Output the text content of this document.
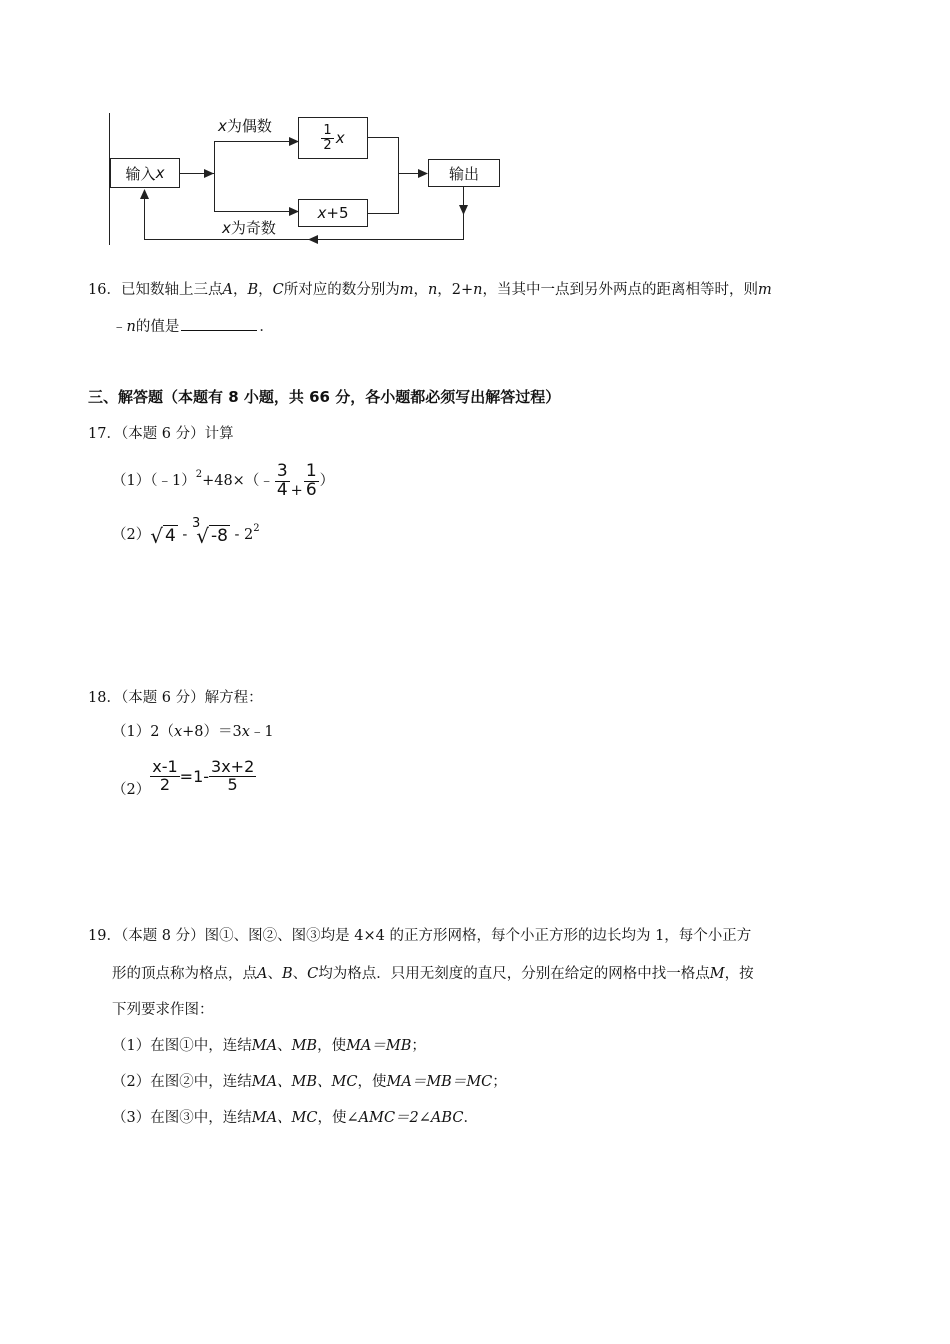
输入 x
x为偶数	$\frac{1}{2}$ x
x为奇数
x +5
输出
16．已知数轴上三点A，B，C所对应的数分别为m，n，2+n，当其中一点到另外两点的距离相等时，则m
﹣n的值是	．
三、解答题（本题有 8 小题，共 66 分，各小题都必须写出解答过程）
17．（本题 6 分）计算
（1）（﹣1）$^2$ +48×（﹣ $\frac{3}{4} + \frac{1}{6}$ ）
（2） √ 4 -
3
√ $-8 - 2^2$
18．（本题 6 分）解方程：
（1）2（x+8）＝3x﹣1
$(2) \frac{x-1}{2} =1- \frac{3x+2}{5}$
19．（本题 8 分）图①、图②、图③均是 4×4 的正方形网格，每个小正方形的边长均为 1，每个小正方
形的顶点称为格点，点A、B、C均为格点．只用无刻度的直尺，分别在给定的网格中找一格点M，按
下列要求作图：
（1）在图①中，连结MA、MB，使MA＝MB；
（2）在图②中，连结MA、MB、MC，使MA＝MB＝MC；
（3）在图③中，连结MA、MC，使∠AMC＝2∠ABC．
